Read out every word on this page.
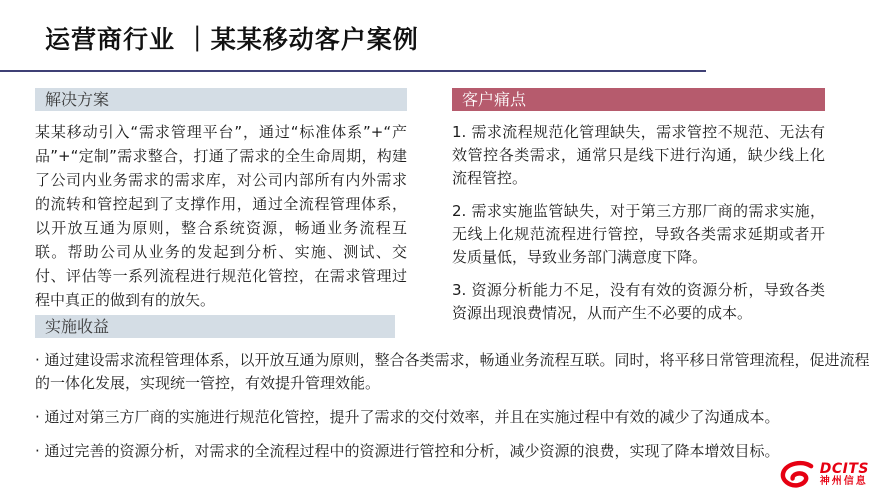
运营商行业 ｜某某移动客户案例
解决方案
某某移动引入“需求管理平台”，通过“标准体系”+“产品”+“定制”需求整合，打通了需求的全生命周期，构建了公司内业务需求的需求库，对公司内部所有内外需求的流转和管控起到了支撑作用，通过全流程管理体系，以开放互通为原则，整合系统资源，畅通业务流程互联。帮助公司从业务的发起到分析、实施、测试、交付、评估等一系列流程进行规范化管控，在需求管理过程中真正的做到有的放矢。
客户痛点
1. 需求流程规范化管理缺失，需求管控不规范、无法有效管控各类需求，通常只是线下进行沟通，缺少线上化流程管控。
2. 需求实施监管缺失，对于第三方那厂商的需求实施，无线上化规范流程进行管控，导致各类需求延期或者开发质量低，导致业务部门满意度下降。
3. 资源分析能力不足，没有有效的资源分析，导致各类资源出现浪费情况，从而产生不必要的成本。
实施收益
· 通过建设需求流程管理体系，以开放互通为原则，整合各类需求，畅通业务流程互联。同时，将平移日常管理流程，促进流程的一体化发展，实现统一管控，有效提升管理效能。
· 通过对第三方厂商的实施进行规范化管控，提升了需求的交付效率，并且在实施过程中有效的减少了沟通成本。
· 通过完善的资源分析，对需求的全流程过程中的资源进行管控和分析，减少资源的浪费，实现了降本增效目标。
DCITS
神州信息
